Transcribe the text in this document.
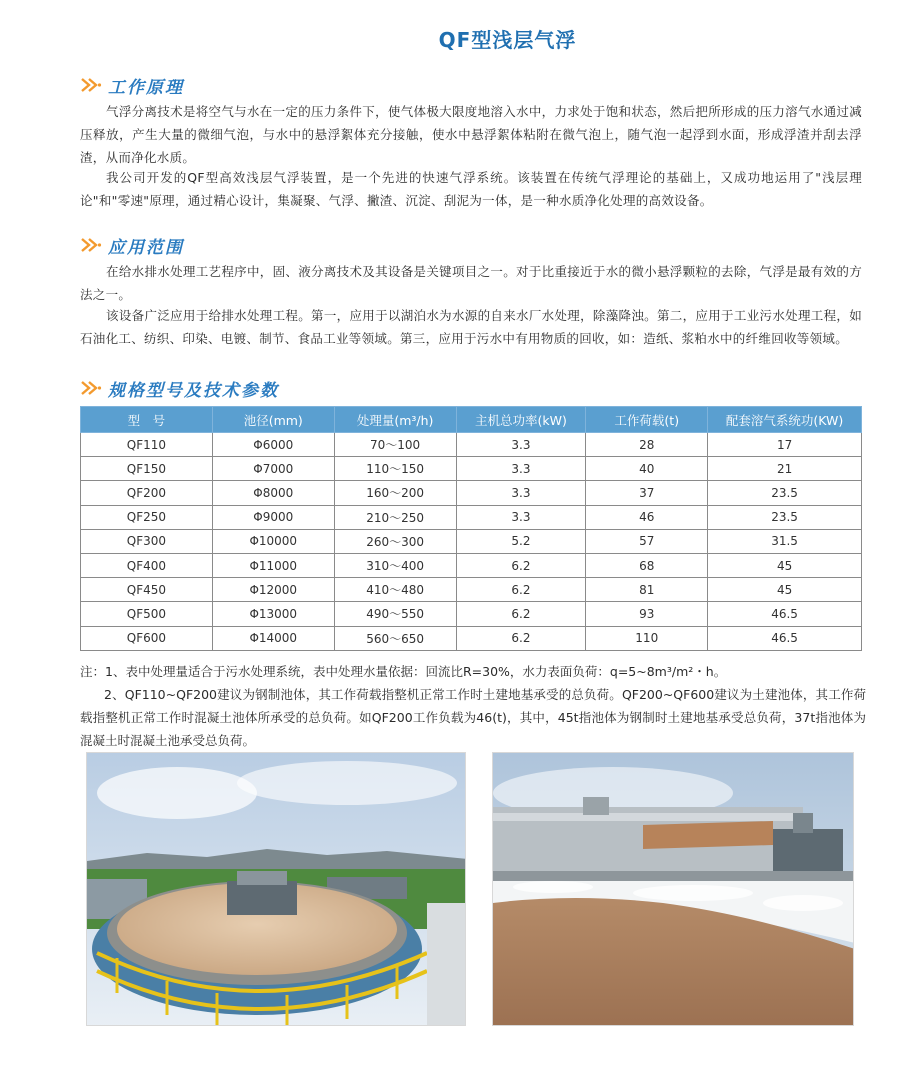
QF型浅层气浮
工作原理

气浮分离技术是将空气与水在一定的压力条件下，使气体极大限度地溶入水中，力求处于饱和状态，然后把所形成的压力溶气水通过减压释放，产生大量的微细气泡，与水中的悬浮絮体充分接触，使水中悬浮絮体粘附在微气泡上，随气泡一起浮到水面，形成浮渣并刮去浮渣，从而净化水质。

我公司开发的QF型高效浅层气浮装置，是一个先进的快速气浮系统。该装置在传统气浮理论的基础上，又成功地运用了"浅层理论"和"零速"原理，通过精心设计，集凝聚、气浮、撇渣、沉淀、刮泥为一体，是一种水质净化处理的高效设备。

应用范围

在给水排水处理工艺程序中，固、液分离技术及其设备是关键项目之一。对于比重接近于水的微小悬浮颗粒的去除，气浮是最有效的方法之一。

该设备广泛应用于给排水处理工程。第一，应用于以湖泊水为水源的自来水厂水处理，除藻降浊。第二，应用于工业污水处理工程，如石油化工、纺织、印染、电镀、制节、食品工业等领域。第三，应用于污水中有用物质的回收，如：造纸、浆粕水中的纤维回收等领域。

规格型号及技术参数
型　号	池径(mm)	处理量(m³/h)	主机总功率(kW)	工作荷载(t)	配套溶气系统功(KW)
QF110	Φ6000	70～100	3.3	28	17
QF150	Φ7000	110～150	3.3	40	21
QF200	Φ8000	160～200	3.3	37	23.5
QF250	Φ9000	210～250	3.3	46	23.5
QF300	Φ10000	260～300	5.2	57	31.5
QF400	Φ11000	310～400	6.2	68	45
QF450	Φ12000	410～480	6.2	81	45
QF500	Φ13000	490～550	6.2	93	46.5
QF600	Φ14000	560～650	6.2	110	46.5

注：1、表中处理量适合于污水处理系统，表中处理水量依据：回流比R=30%，水力表面负荷：q=5~8m³/m²・h。

2、QF110~QF200建议为钢制池体，其工作荷载指整机正常工作时土建地基承受的总负荷。QF200~QF600建议为土建池体，其工作荷载指整机正常工作时混凝土池体所承受的总负荷。如QF200工作负载为46(t)，其中，45t指池体为钢制时土建地基承受总负荷，37t指池体为混凝土时混凝土池承受总负荷。
